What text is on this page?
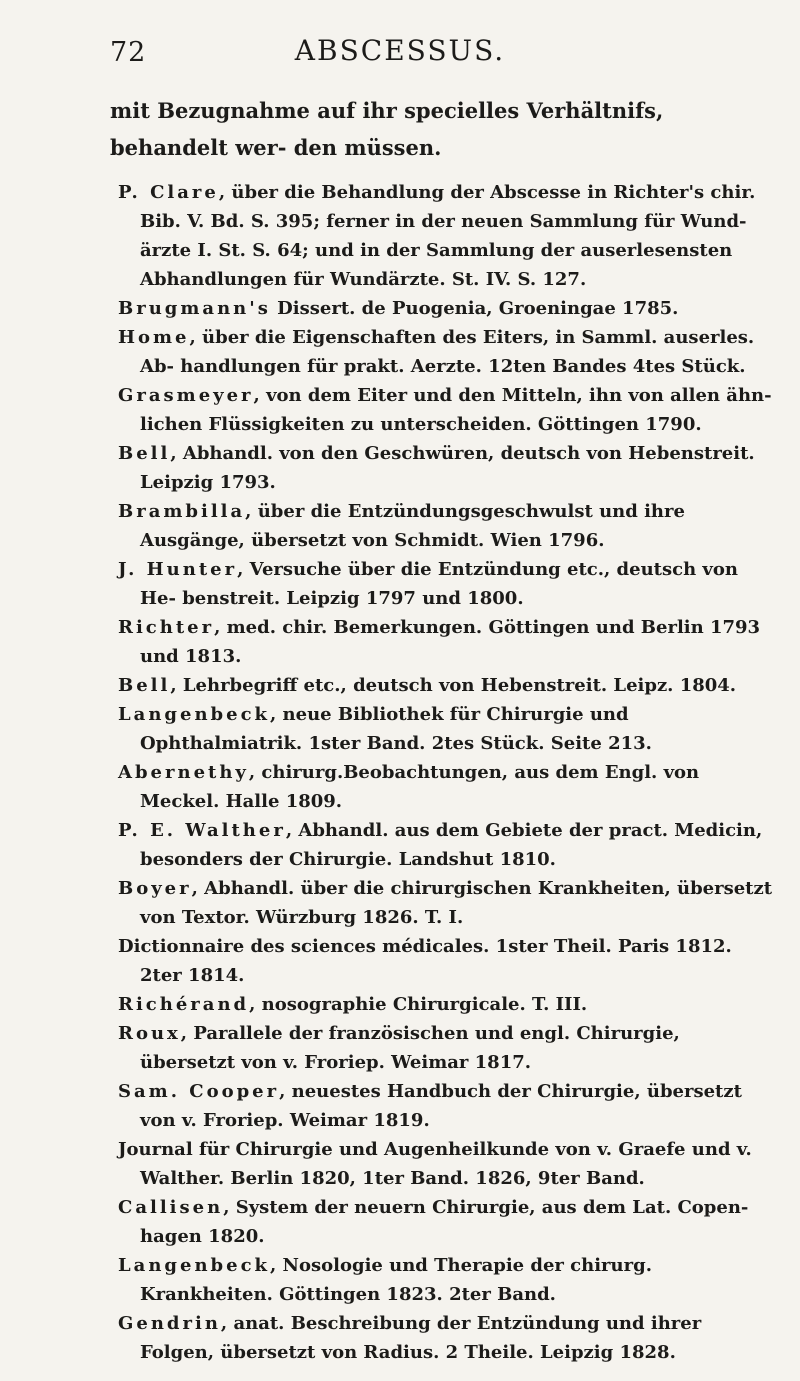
72	ABSCESSUS.
mit Bezugnahme auf ihr specielles Verhältnifs, behandelt wer- den müssen.
P. Clare, über die Behandlung der Abscesse in Richter's chir. Bib. V. Bd. S. 395; ferner in der neuen Sammlung für Wund- ärzte I. St. S. 64; und in der Sammlung der auserlesensten Abhandlungen für Wundärzte. St. IV. S. 127.
Brugmann's Dissert. de Puogenia, Groeningae 1785.
Home, über die Eigenschaften des Eiters, in Samml. auserles. Ab- handlungen für prakt. Aerzte. 12ten Bandes 4tes Stück.
Grasmeyer, von dem Eiter und den Mitteln, ihn von allen ähn- lichen Flüssigkeiten zu unterscheiden. Göttingen 1790.
Bell, Abhandl. von den Geschwüren, deutsch von Hebenstreit. Leipzig 1793.
Brambilla, über die Entzündungsgeschwulst und ihre Ausgänge, übersetzt von Schmidt. Wien 1796.
J. Hunter, Versuche über die Entzündung etc., deutsch von He- benstreit. Leipzig 1797 und 1800.
Richter, med. chir. Bemerkungen. Göttingen und Berlin 1793 und 1813.
Bell, Lehrbegriff etc., deutsch von Hebenstreit. Leipz. 1804.
Langenbeck, neue Bibliothek für Chirurgie und Ophthalmiatrik. 1ster Band. 2tes Stück. Seite 213.
Abernethy, chirurg.Beobachtungen, aus dem Engl. von Meckel. Halle 1809.
P. E. Walther, Abhandl. aus dem Gebiete der pract. Medicin, besonders der Chirurgie. Landshut 1810.
Boyer, Abhandl. über die chirurgischen Krankheiten, übersetzt von Textor. Würzburg 1826. T. I.
Dictionnaire des sciences médicales. 1ster Theil. Paris 1812. 2ter 1814.
Richérand, nosographie Chirurgicale. T. III.
Roux, Parallele der französischen und engl. Chirurgie, übersetzt von v. Froriep. Weimar 1817.
Sam. Cooper, neuestes Handbuch der Chirurgie, übersetzt von v. Froriep. Weimar 1819.
Journal für Chirurgie und Augenheilkunde von v. Graefe und v. Walther. Berlin 1820, 1ter Band. 1826, 9ter Band.
Callisen, System der neuern Chirurgie, aus dem Lat. Copen- hagen 1820.
Langenbeck, Nosologie und Therapie der chirurg. Krankheiten. Göttingen 1823. 2ter Band.
Gendrin, anat. Beschreibung der Entzündung und ihrer Folgen, übersetzt von Radius. 2 Theile. Leipzig 1828.
